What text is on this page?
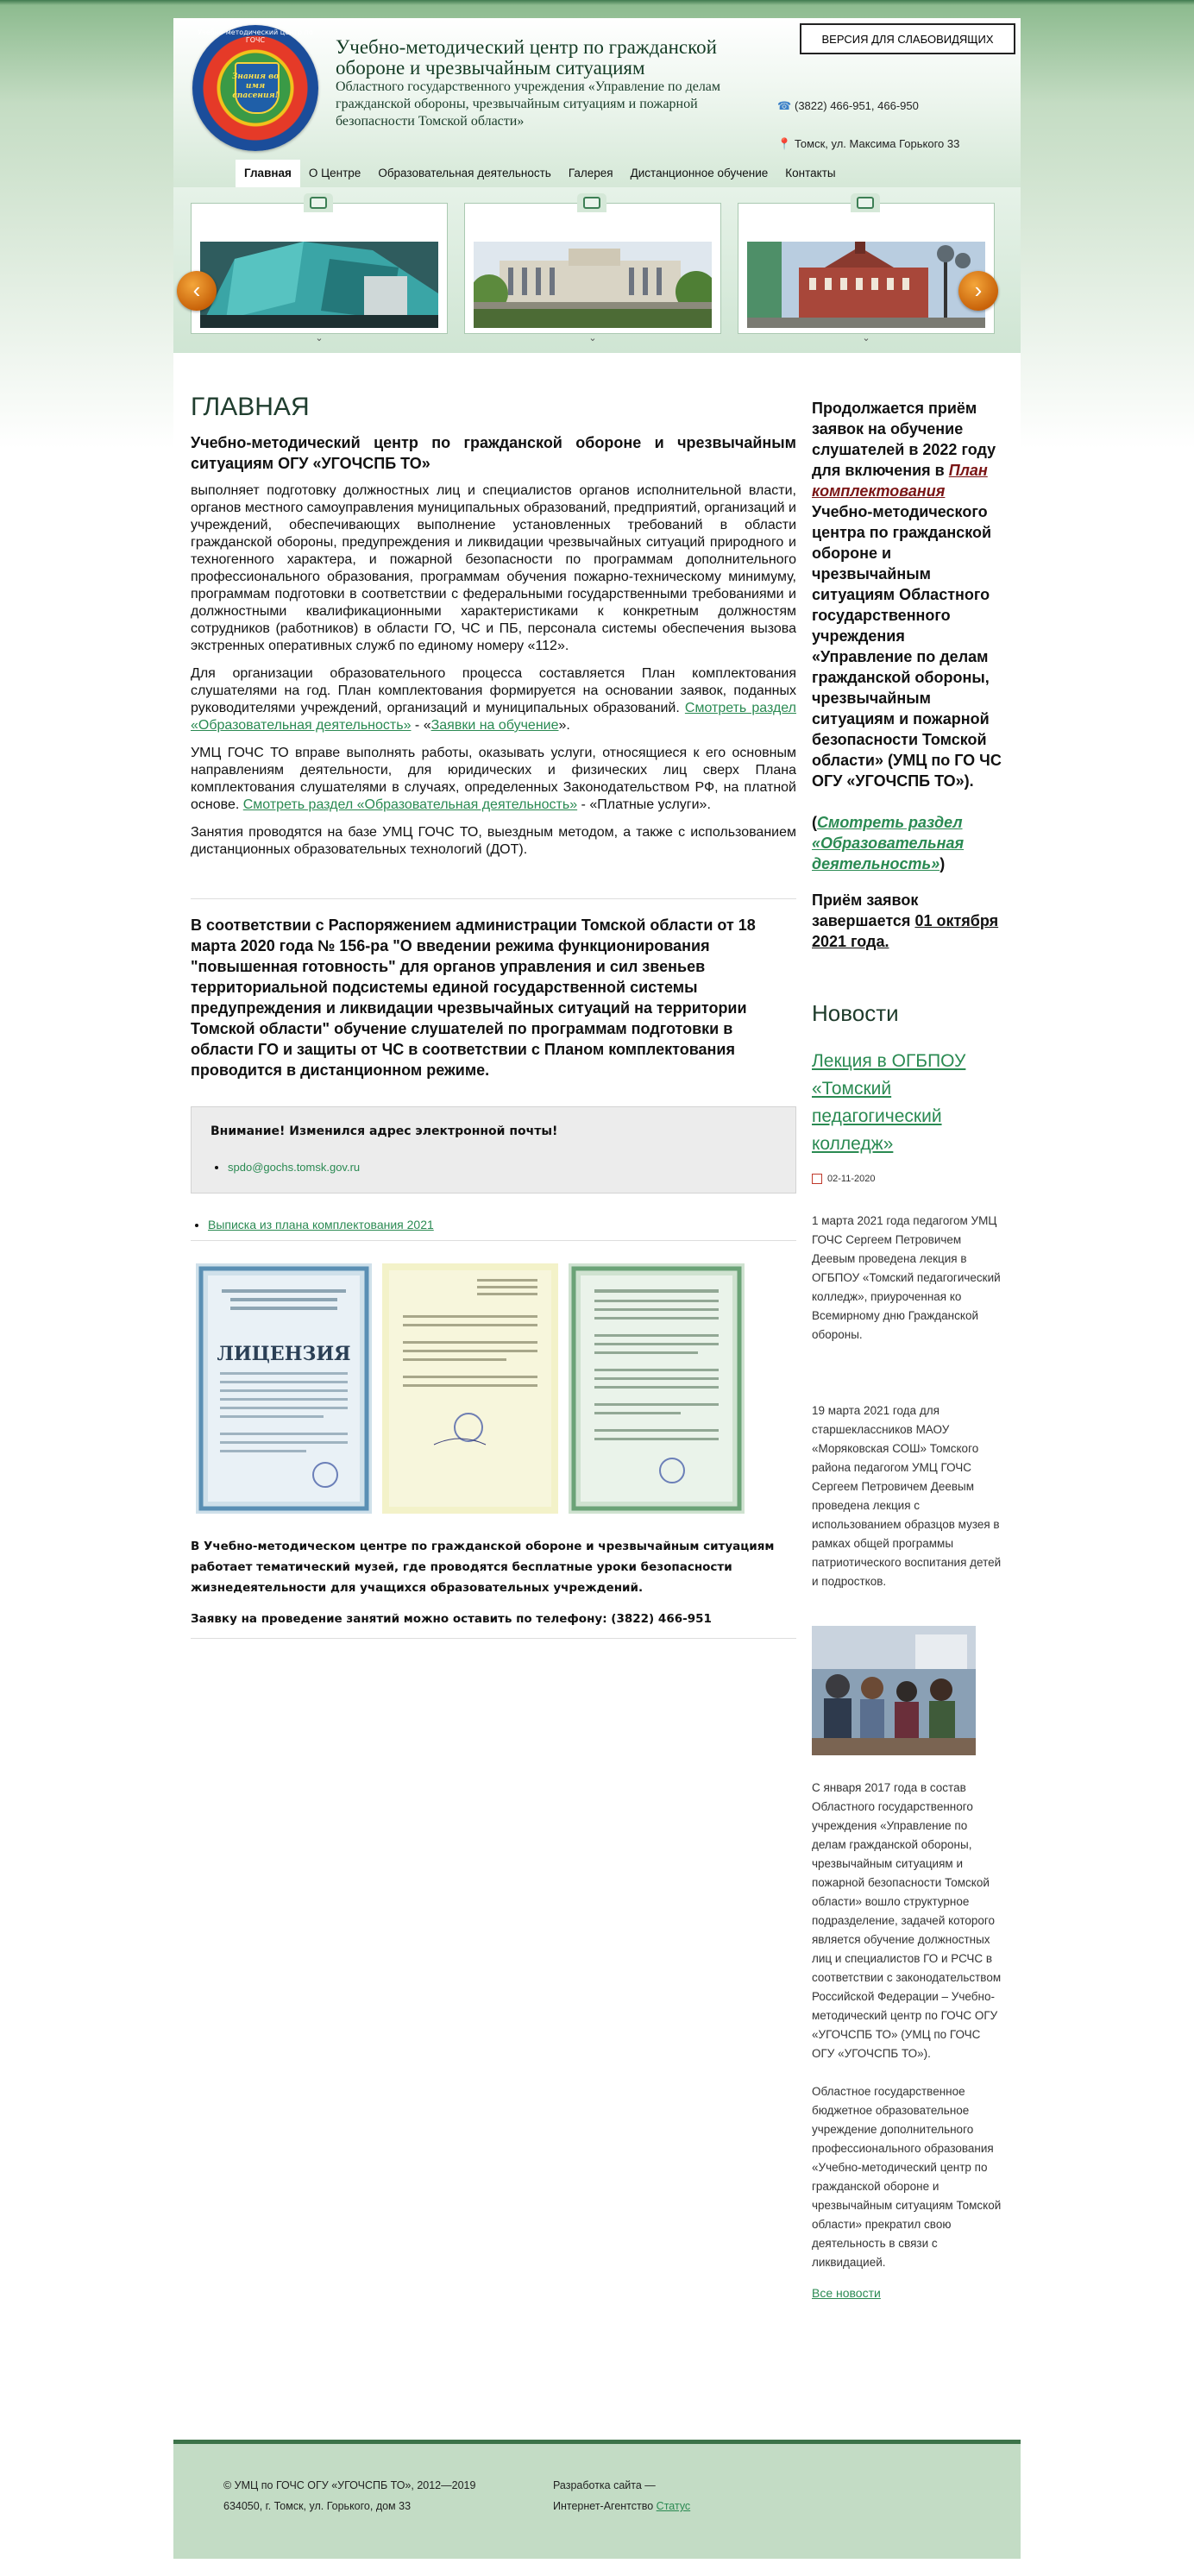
Учебно-методический центр по ГОЧС
Знания во имя спасения!
Учебно-методический центр по гражданской обороне и чрезвычайным ситуациям
Областного государственного учреждения «Управление по делам гражданской обороны, чрезвычайным ситуациям и пожарной безопасности Томской области»
ВЕРСИЯ ДЛЯ СЛАБОВИДЯЩИХ
☎ (3822) 466-951, 466-950
📍 Томск, ул. Максима Горького 33
Главная	О Центре	Образовательная деятельность	Галерея	Дистанционное обучение	Контакты
⌄	⌄	⌄
‹	›
ГЛАВНАЯ
Учебно-методический центр по гражданской обороне и чрезвычайным ситуациям ОГУ «УГОЧСПБ ТО»

выполняет подготовку должностных лиц и специалистов органов исполнительной власти, органов местного самоуправления муниципальных образований, предприятий, организаций и учреждений, обеспечивающих выполнение установленных требований в области гражданской обороны, предупреждения и ликвидации чрезвычайных ситуаций природного и техногенного характера, и пожарной безопасности по программам дополнительного профессионального образования, программам обучения пожарно-техническому минимуму, программам подготовки в соответствии с федеральными государственными требованиями и должностными квалификационными характеристиками к конкретным должностям сотрудников (работников) в области ГО, ЧС и ПБ, персонала системы обеспечения вызова экстренных оперативных служб по единому номеру «112».

Для организации образовательного процесса составляется План комплектования слушателями на год. План комплектования формируется на основании заявок, поданных руководителями учреждений, организаций и муниципальных образований. Смотреть раздел «Образовательная деятельность» - «Заявки на обучение».

УМЦ ГОЧС ТО вправе выполнять работы, оказывать услуги, относящиеся к его основным направлениям деятельности, для юридических и физических лиц сверх Плана комплектования слушателями в случаях, определенных Законодательством РФ, на платной основе. Смотреть раздел «Образовательная деятельность» - «Платные услуги».

Занятия проводятся на базе УМЦ ГОЧС ТО, выездным методом, а также с использованием дистанционных образовательных технологий (ДОТ).

В соответствии с Распоряжением администрации Томской области от 18 марта 2020 года № 156-ра "О введении режима функционирования "повышенная готовность" для органов управления и сил звеньев территориальной подсистемы единой государственной системы предупреждения и ликвидации чрезвычайных ситуаций на территории Томской области" обучение слушателей по программам подготовки в области ГО и защиты от ЧС в соответствии с Планом комплектования проводится в дистанционном режиме.
Внимание! Изменился адрес электронной почты!
• spdo@gochs.tomsk.gov.ru
• Выписка из плана комплектования 2021
ЛИЦЕНЗИЯ
В Учебно-методическом центре по гражданской обороне и чрезвычайным ситуациям работает тематический музей, где проводятся бесплатные уроки безопасности жизнедеятельности для учащихся образовательных учреждений.
Заявку на проведение занятий можно оставить по телефону: (3822) 466-951
Продолжается приём заявок на обучение слушателей в 2022 году для включения в План комплектования Учебно-методического центра по гражданской обороне и чрезвычайным ситуациям Областного государственного учреждения «Управление по делам гражданской обороны, чрезвычайным ситуациям и пожарной безопасности Томской области» (УМЦ по ГО ЧС ОГУ «УГОЧСПБ ТО»).
(Смотреть раздел «Образовательная деятельность»)
Приём заявок завершается 01 октября 2021 года.
Новости
Лекция в ОГБПОУ «Томский педагогический колледж»
02-11-2020
1 марта 2021 года педагогом УМЦ ГОЧС Сергеем Петровичем Деевым проведена лекция в ОГБПОУ «Томский педагогический колледж», приуроченная ко Всемирному дню Гражданской обороны.
19 марта 2021 года для старшеклассников МАОУ «Моряковская СОШ» Томского района педагогом УМЦ ГОЧС Сергеем Петровичем Деевым проведена лекция с использованием образцов музея в рамках общей программы патриотического воспитания детей и подростков.
С января 2017 года в состав Областного государственного учреждения «Управление по делам гражданской обороны, чрезвычайным ситуациям и пожарной безопасности Томской области» вошло структурное подразделение, задачей которого является обучение должностных лиц и специалистов ГО и РСЧС в соответствии с законодательством Российской Федерации – Учебно-методический центр по ГОЧС ОГУ «УГОЧСПБ ТО» (УМЦ по ГОЧС ОГУ «УГОЧСПБ ТО»).
Областное государственное бюджетное образовательное учреждение дополнительного профессионального образования «Учебно-методический центр по гражданской обороне и чрезвычайным ситуациям Томской области» прекратил свою деятельность в связи с ликвидацией.
Все новости
© УМЦ по ГОЧС ОГУ «УГОЧСПБ ТО», 2012—2019
634050, г. Томск, ул. Горького, дом 33
Разработка сайта —
Интернет-Агентство Статус
